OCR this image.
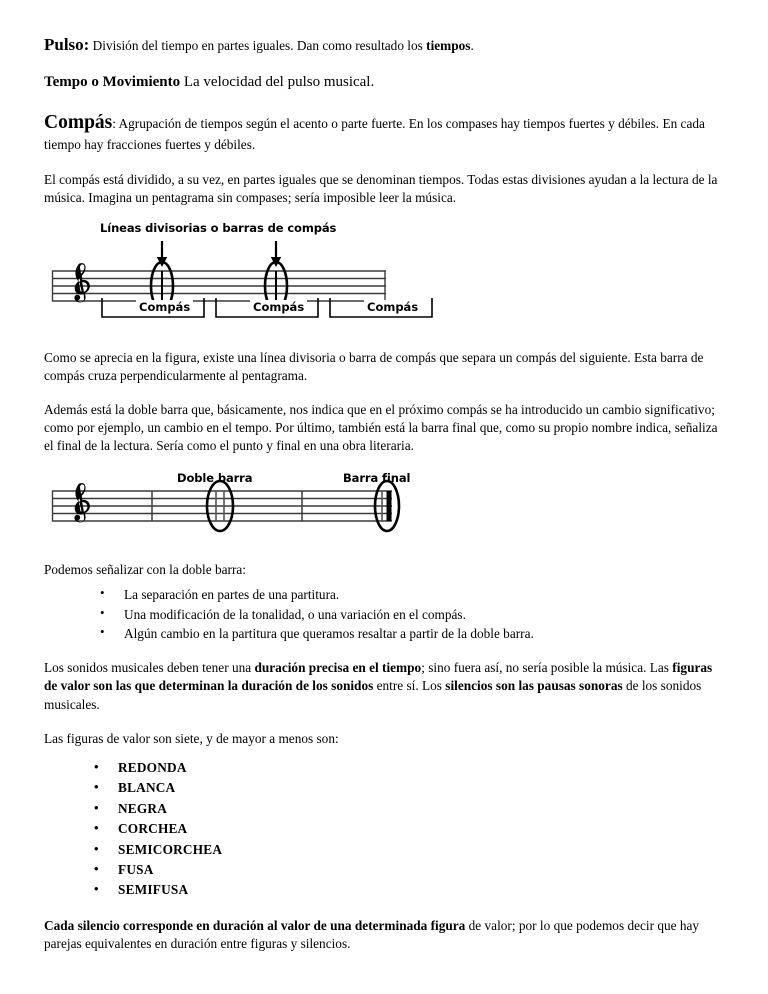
Pulso: División del tiempo en partes iguales. Dan como resultado los tiempos.

Tempo o Movimiento La velocidad del pulso musical.

Compás: Agrupación de tiempos según el acento o parte fuerte. En los compases hay tiempos fuertes y débiles. En cada tiempo hay fracciones fuertes y débiles.

El compás está dividido, a su vez, en partes iguales que se denominan tiempos. Todas estas divisiones ayudan a la lectura de la música. Imagina un pentagrama sin compases; sería imposible leer la música.

Líneas divisorias o barras de compás
Compás	Compás	Compás

Como se aprecia en la figura, existe una línea divisoria o barra de compás que separa un compás del siguiente. Esta barra de compás cruza perpendicularmente al pentagrama.

Además está la doble barra que, básicamente, nos indica que en el próximo compás se ha introducido un cambio significativo; como por ejemplo, un cambio en el tempo. Por último, también está la barra final que, como su propio nombre indica, señaliza el final de la lectura. Sería como el punto y final en una obra literaria.

Doble barra	Barra final

Podemos señalizar con la doble barra:

• La separación en partes de una partitura.
• Una modificación de la tonalidad, o una variación en el compás.
• Algún cambio en la partitura que queramos resaltar a partir de la doble barra.

Los sonidos musicales deben tener una duración precisa en el tiempo; sino fuera así, no sería posible la música. Las figuras de valor son las que determinan la duración de los sonidos entre sí. Los silencios son las pausas sonoras de los sonidos musicales.

Las figuras de valor son siete, y de mayor a menos son:

• REDONDA
• BLANCA
• NEGRA
• CORCHEA
• SEMICORCHEA
• FUSA
• SEMIFUSA

Cada silencio corresponde en duración al valor de una determinada figura de valor; por lo que podemos decir que hay parejas equivalentes en duración entre figuras y silencios.
